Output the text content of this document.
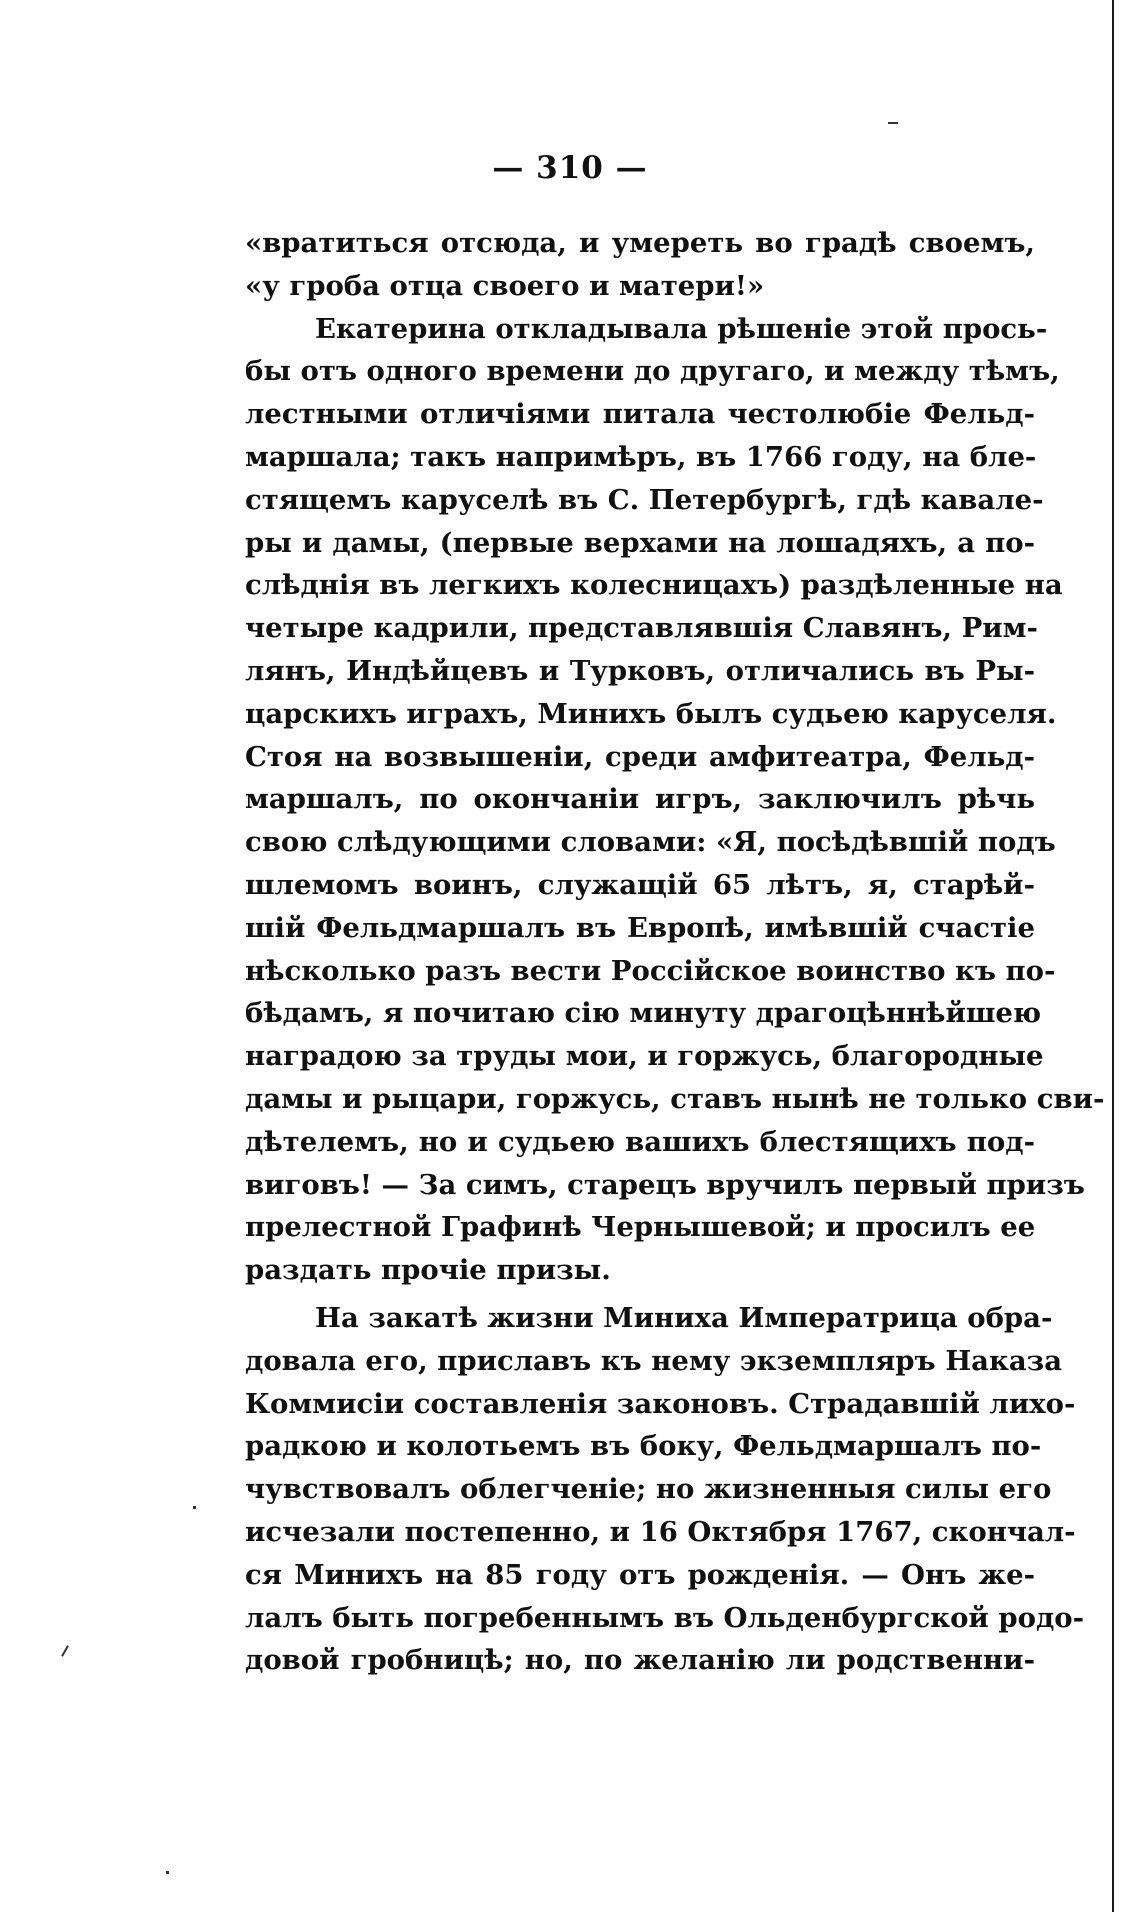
— 310 —
«вратиться отсюда, и умереть во градѣ своемъ,
«у гроба отца своего и матери!»
Екатерина откладывала рѣшеніе этой прось-
бы отъ одного времени до другаго, и между тѣмъ,
лестными отличіями питала честолюбіе Фельд-
маршала; такъ напримѣръ, въ 1766 году, на бле-
стящемъ каруселѣ въ С. Петербургѣ, гдѣ кавале-
ры и дамы, (первые верхами на лошадяхъ, а по-
слѣднія въ легкихъ колесницахъ) раздѣленные на
четыре кадрили, представлявшія Славянъ, Рим-
лянъ, Индѣйцевъ и Турковъ, отличались въ Ры-
царскихъ играхъ, Минихъ былъ судьею каруселя.
Стоя на возвышеніи, среди амфитеатра, Фельд-
маршалъ, по окончаніи игръ, заключилъ рѣчь
свою слѣдующими словами: «Я, посѣдѣвшій подъ
шлемомъ воинъ, служащій 65 лѣтъ, я, старѣй-
шій Фельдмаршалъ въ Европѣ, имѣвшій счастіе
нѣсколько разъ вести Россійское воинство къ по-
бѣдамъ, я почитаю сію минуту драгоцѣннѣйшею
наградою за труды мои, и горжусь, благородные
дамы и рыцари, горжусь, ставъ нынѣ не только сви-
дѣтелемъ, но и судьею вашихъ блестящихъ под-
виговъ! — За симъ, старецъ вручилъ первый призъ
прелестной Графинѣ Чернышевой; и просилъ ее
раздать прочіе призы.
На закатѣ жизни Миниха Императрица обра-
довала его, приславъ къ нему экземпляръ Наказа
Коммисіи составленія законовъ. Страдавшій лихо-
радкою и колотьемъ въ боку, Фельдмаршалъ по-
чувствовалъ облегченіе; но жизненныя силы его
исчезали постепенно, и 16 Октября 1767, скончал-
ся Минихъ на 85 году отъ рожденія. — Онъ же-
лалъ быть погребеннымъ въ Ольденбургской родо-
довой гробницѣ; но, по желанію ли родственни-
